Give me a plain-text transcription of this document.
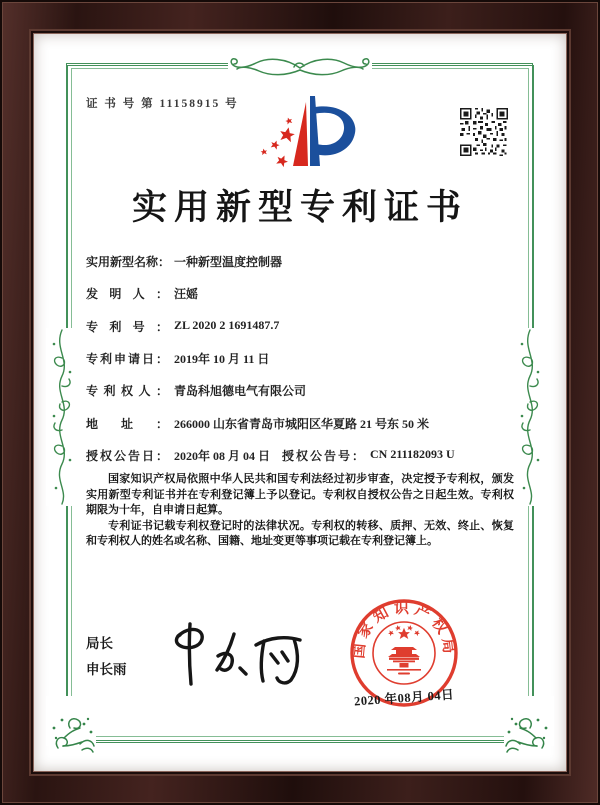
证 书 号 第 11158915 号
实用新型专利证书
实用新型名称： 一种新型温度控制器
发明人： 汪媱
专利号： ZL 2020 2 1691487.7
专利申请日： 2019年 10 月 11 日
专利权人： 青岛科旭德电气有限公司
地址： 266000 山东省青岛市城阳区华夏路 21 号东 50 米
授权公告日： 2020年 08 月 04 日 授权公告号： CN 211182093 U

国家知识产权局依照中华人民共和国专利法经过初步审查，决定授予专利权，颁发实用新型专利证书并在专利登记簿上予以登记。专利权自授权公告之日起生效。专利权期限为十年，自申请日起算。

专利证书记载专利权登记时的法律状况。专利权的转移、质押、无效、终止、恢复和专利权人的姓名或名称、国籍、地址变更等事项记载在专利登记簿上。

局长
申长雨
国家知识产权局
2020 年08月 04日
